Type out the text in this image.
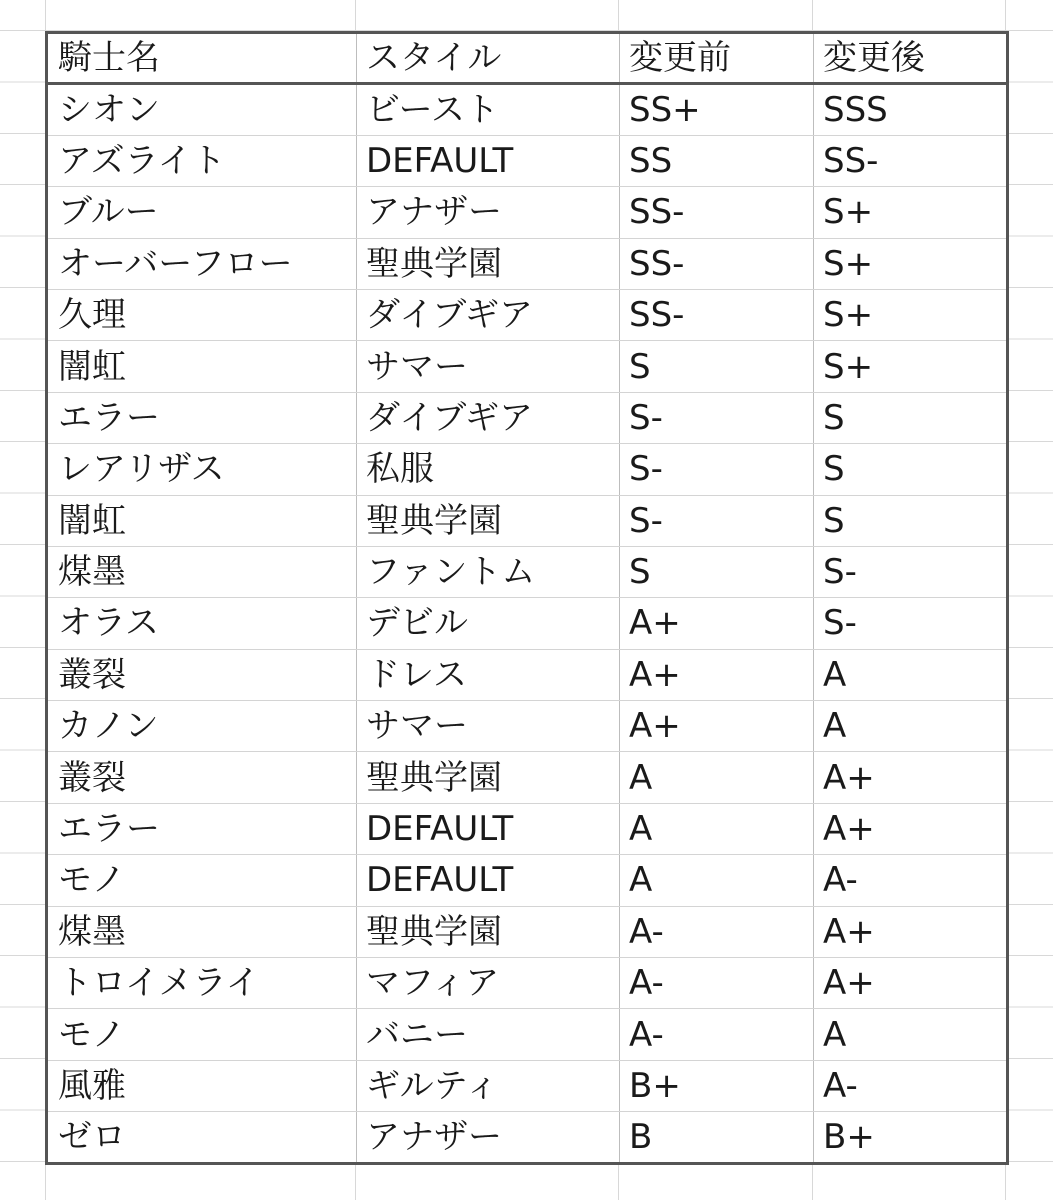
騎士名	スタイル	変更前	変更後
シオン	ビースト	SS+	SSS
アズライト	DEFAULT	SS	SS-
ブルー	アナザー	SS-	S+
オーバーフロー	聖典学園	SS-	S+
久理	ダイブギア	SS-	S+
闇虹	サマー	S	S+
エラー	ダイブギア	S-	S
レアリザス	私服	S-	S
闇虹	聖典学園	S-	S
煤墨	ファントム	S	S-
オラス	デビル	A+	S-
叢裂	ドレス	A+	A
カノン	サマー	A+	A
叢裂	聖典学園	A	A+
エラー	DEFAULT	A	A+
モノ	DEFAULT	A	A-
煤墨	聖典学園	A-	A+
トロイメライ	マフィア	A-	A+
モノ	バニー	A-	A
風雅	ギルティ	B+	A-
ゼロ	アナザー	B	B+
